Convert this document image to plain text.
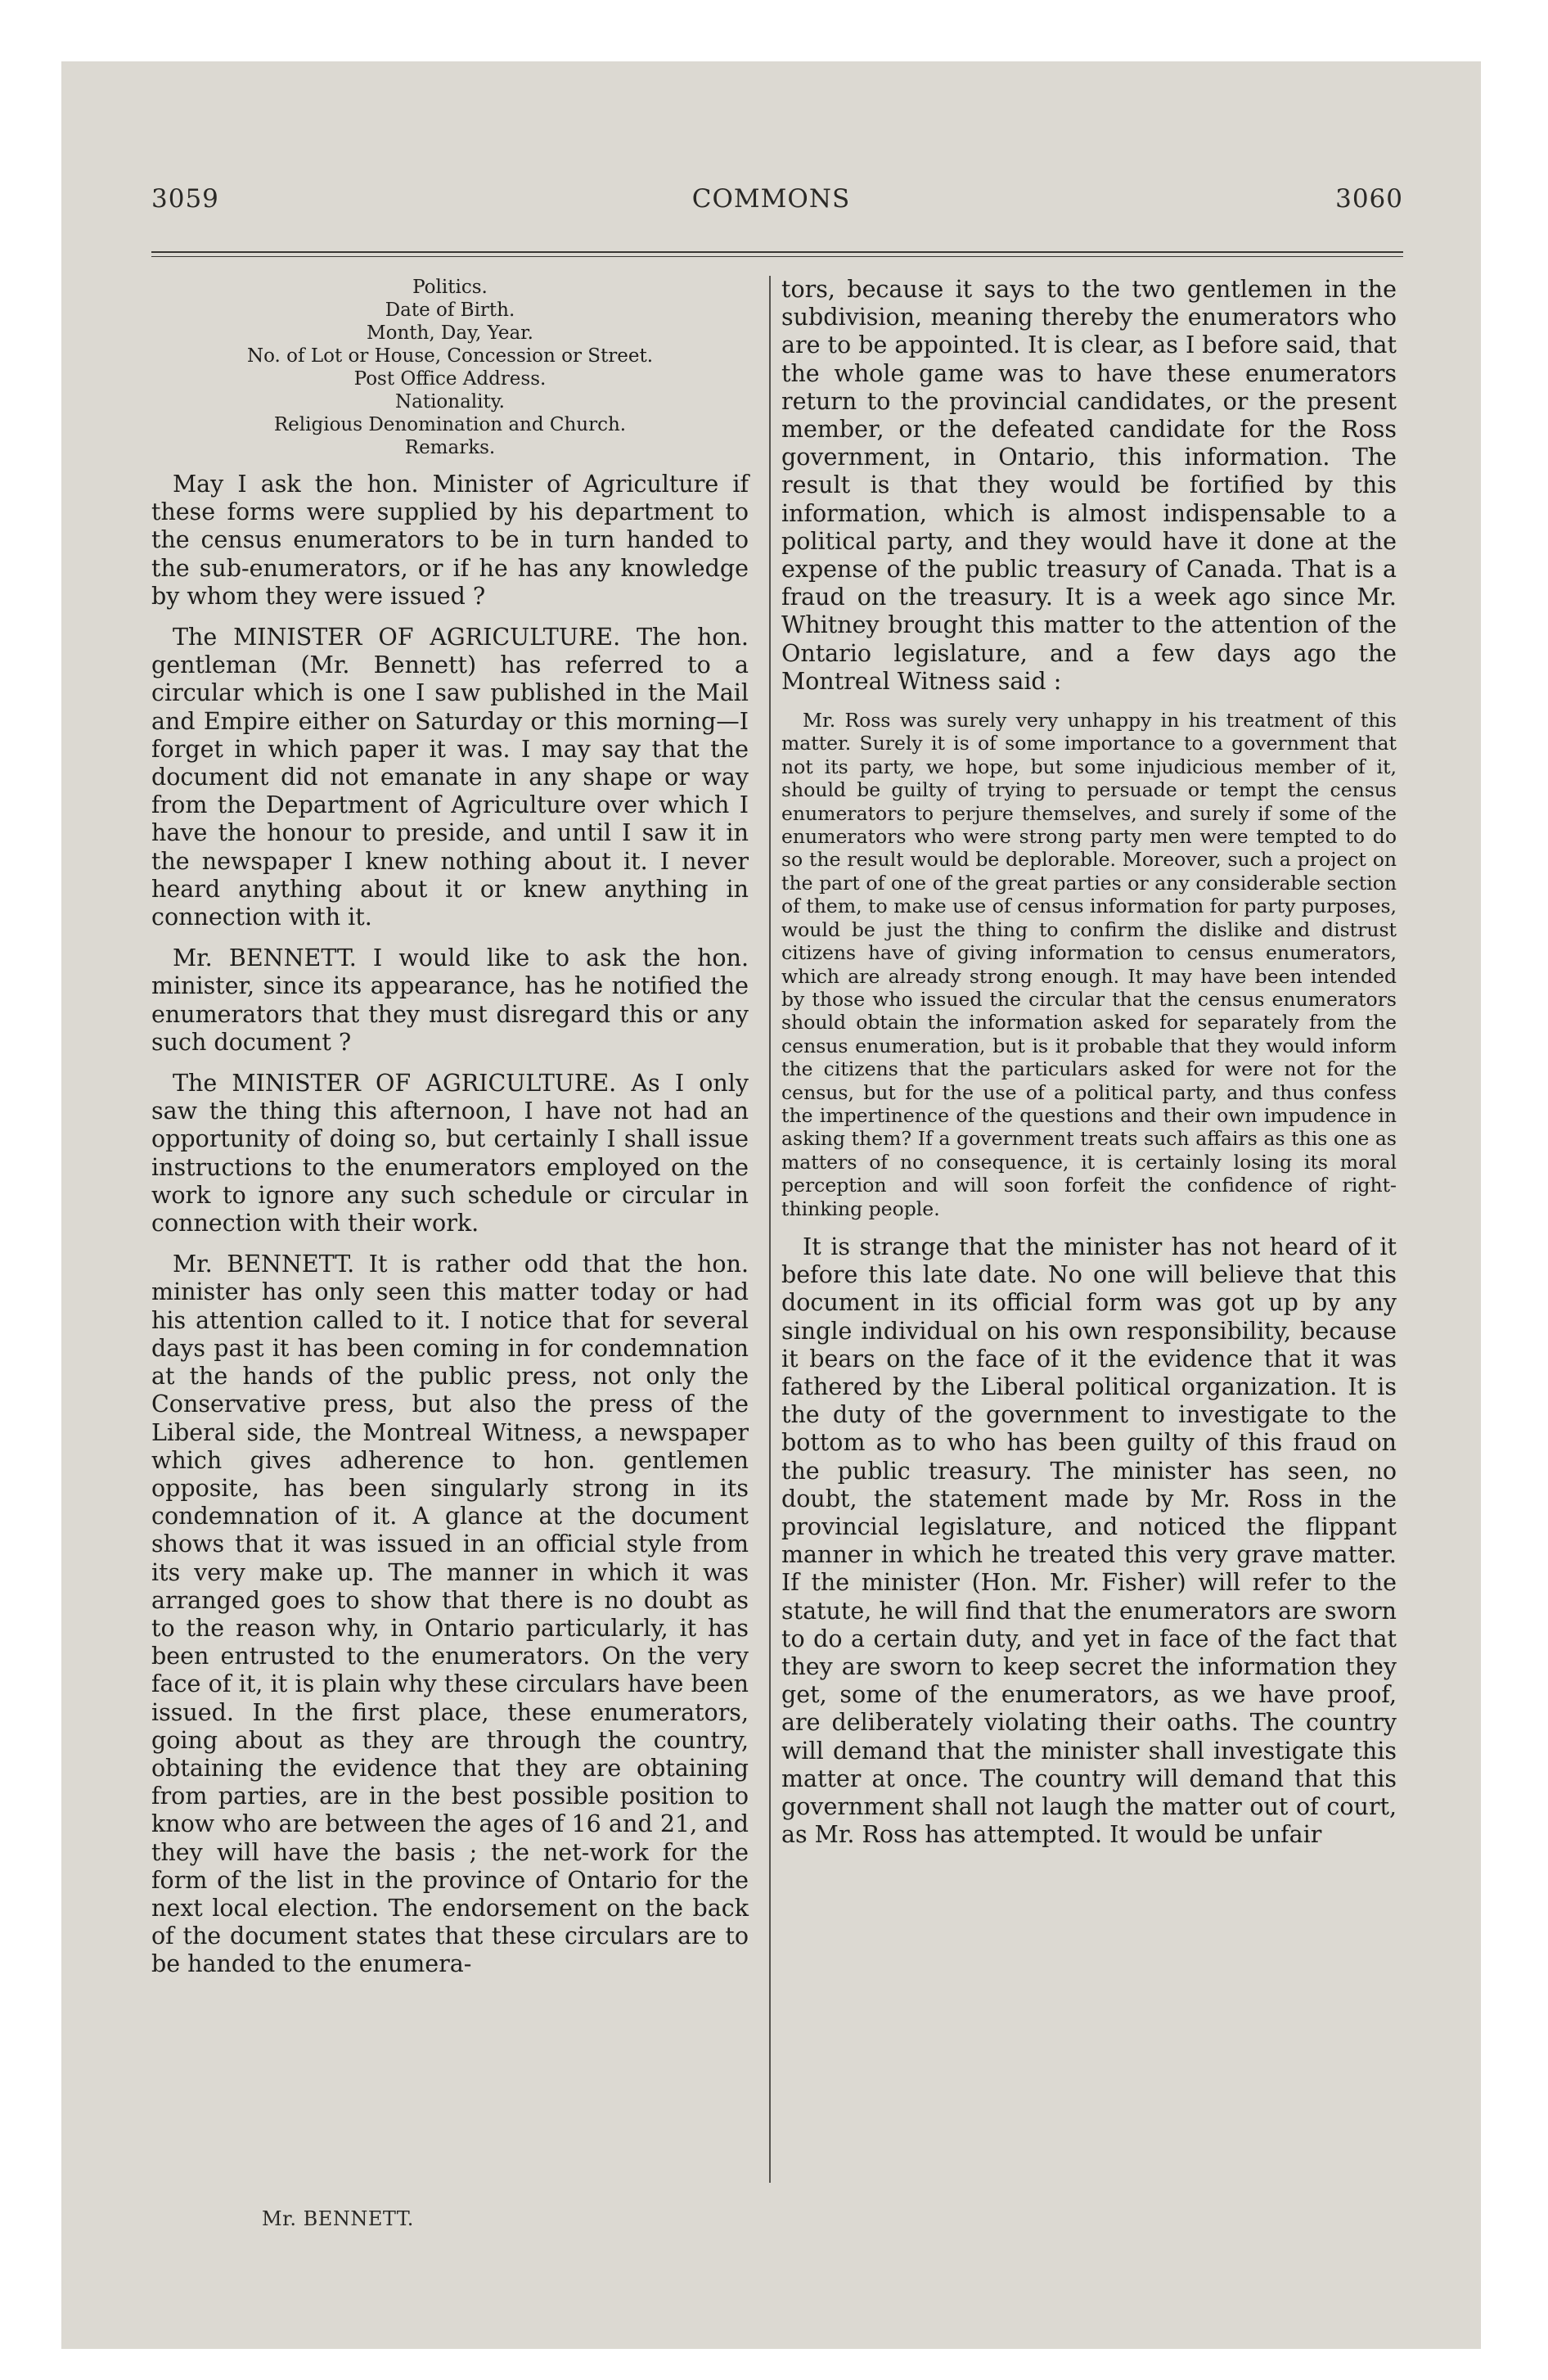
3059	COMMONS	3060
Politics.
Date of Birth.
Month, Day, Year.
No. of Lot or House, Concession or Street.
Post Office Address.
Nationality.
Religious Denomination and Church.
Remarks.

May I ask the hon. Minister of Agriculture if these forms were supplied by his department to the census enumerators to be in turn handed to the sub-enumerators, or if he has any knowledge by whom they were issued ?

The MINISTER OF AGRICULTURE. The hon. gentleman (Mr. Bennett) has referred to a circular which is one I saw published in the Mail and Empire either on Saturday or this morning—I forget in which paper it was. I may say that the document did not emanate in any shape or way from the Department of Agriculture over which I have the honour to preside, and until I saw it in the newspaper I knew nothing about it. I never heard anything about it or knew anything in connection with it.

Mr. BENNETT. I would like to ask the hon. minister, since its appearance, has he notified the enumerators that they must disregard this or any such document ?

The MINISTER OF AGRICULTURE. As I only saw the thing this afternoon, I have not had an opportunity of doing so, but certainly I shall issue instructions to the enumerators employed on the work to ignore any such schedule or circular in connection with their work.

Mr. BENNETT. It is rather odd that the hon. minister has only seen this matter today or had his attention called to it. I notice that for several days past it has been coming in for condemnation at the hands of the public press, not only the Conservative press, but also the press of the Liberal side, the Montreal Witness, a newspaper which gives adherence to hon. gentlemen opposite, has been singularly strong in its condemnation of it. A glance at the document shows that it was issued in an official style from its very make up. The manner in which it was arranged goes to show that there is no doubt as to the reason why, in Ontario particularly, it has been entrusted to the enumerators. On the very face of it, it is plain why these circulars have been issued. In the first place, these enumerators, going about as they are through the country, obtaining the evidence that they are obtaining from parties, are in the best possible position to know who are between the ages of 16 and 21, and they will have the basis ; the net-work for the form of the list in the province of Ontario for the next local election. The endorsement on the back of the document states that these circulars are to be handed to the enumera-

tors, because it says to the two gentlemen in the subdivision, meaning thereby the enumerators who are to be appointed. It is clear, as I before said, that the whole game was to have these enumerators return to the provincial candidates, or the present member, or the defeated candidate for the Ross government, in Ontario, this information. The result is that they would be fortified by this information, which is almost indispensable to a political party, and they would have it done at the expense of the public treasury of Canada. That is a fraud on the treasury. It is a week ago since Mr. Whitney brought this matter to the attention of the Ontario legislature, and a few days ago the Montreal Witness said :

Mr. Ross was surely very unhappy in his treatment of this matter. Surely it is of some importance to a government that not its party, we hope, but some injudicious member of it, should be guilty of trying to persuade or tempt the census enumerators to perjure themselves, and surely if some of the enumerators who were strong party men were tempted to do so the result would be deplorable. Moreover, such a project on the part of one of the great parties or any considerable section of them, to make use of census information for party purposes, would be just the thing to confirm the dislike and distrust citizens have of giving information to census enumerators, which are already strong enough. It may have been intended by those who issued the circular that the census enumerators should obtain the information asked for separately from the census enumeration, but is it probable that they would inform the citizens that the particulars asked for were not for the census, but for the use of a political party, and thus confess the impertinence of the questions and their own impudence in asking them? If a government treats such affairs as this one as matters of no consequence, it is certainly losing its moral perception and will soon forfeit the confidence of right-thinking people.

It is strange that the minister has not heard of it before this late date. No one will believe that this document in its official form was got up by any single individual on his own responsibility, because it bears on the face of it the evidence that it was fathered by the Liberal political organization. It is the duty of the government to investigate to the bottom as to who has been guilty of this fraud on the public treasury. The minister has seen, no doubt, the statement made by Mr. Ross in the provincial legislature, and noticed the flippant manner in which he treated this very grave matter. If the minister (Hon. Mr. Fisher) will refer to the statute, he will find that the enumerators are sworn to do a certain duty, and yet in face of the fact that they are sworn to keep secret the information they get, some of the enumerators, as we have proof, are deliberately violating their oaths. The country will demand that the minister shall investigate this matter at once. The country will demand that this government shall not laugh the matter out of court, as Mr. Ross has attempted. It would be unfair

Mr. BENNETT.
